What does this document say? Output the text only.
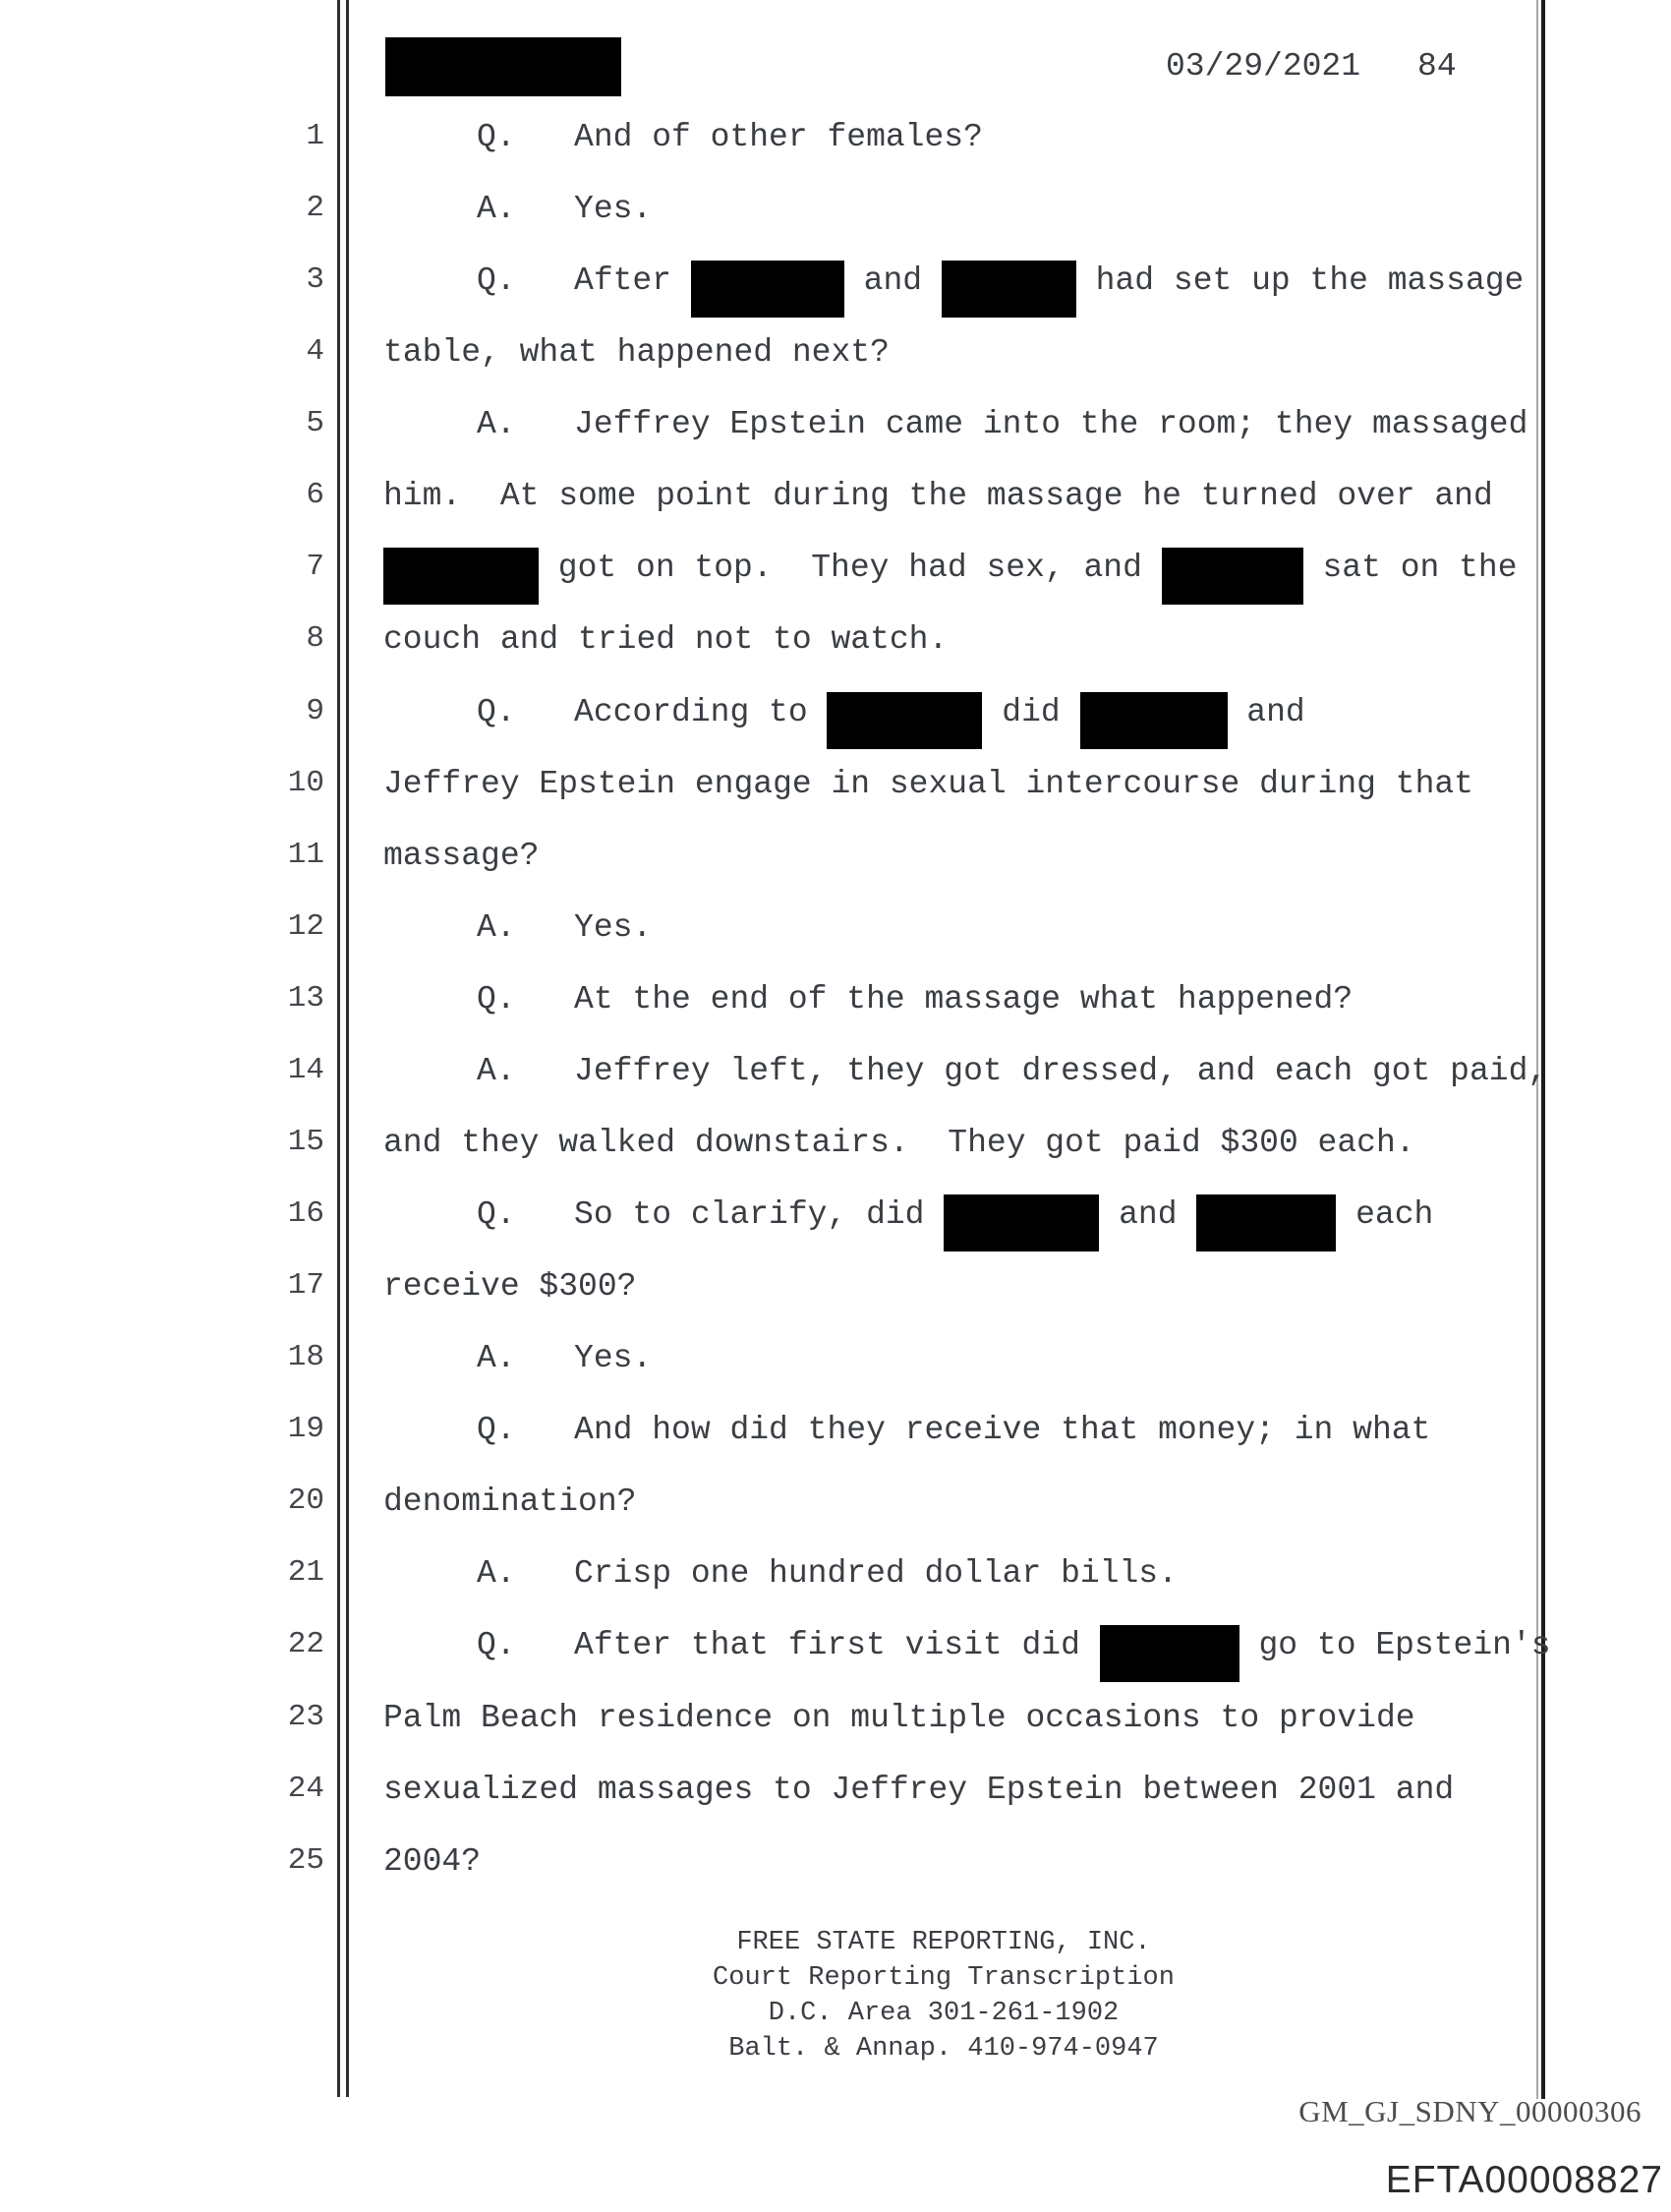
03/29/2021 84
1	Q.   And of other females?
2	A.   Yes.
3	Q.   After	and	had set up the massage
4 table, what happened next?
5	A.   Jeffrey Epstein came into the room; they massaged
6 him.  At some point during the massage he turned over and
7	got on top.  They had sex, and	sat on the
8 couch and tried not to watch.
9	Q.   According to	did	and
10 Jeffrey Epstein engage in sexual intercourse during that
11 massage?
12	A.   Yes.
13	Q.   At the end of the massage what happened?
14	A.   Jeffrey left, they got dressed, and each got paid,
15 and they walked downstairs.  They got paid $300 each.
16	Q.   So to clarify, did	and	each
17 receive $300?
18	A.   Yes.
19	Q.   And how did they receive that money; in what
20 denomination?
21	A.   Crisp one hundred dollar bills.
22	Q.   After that first visit did	go to Epstein's
23 Palm Beach residence on multiple occasions to provide
24 sexualized massages to Jeffrey Epstein between 2001 and
25 2004?
FREE STATE REPORTING, INC.
Court Reporting Transcription
D.C. Area 301-261-1902
Balt. & Annap. 410-974-0947
GM_GJ_SDNY_00000306
EFTA00008827
